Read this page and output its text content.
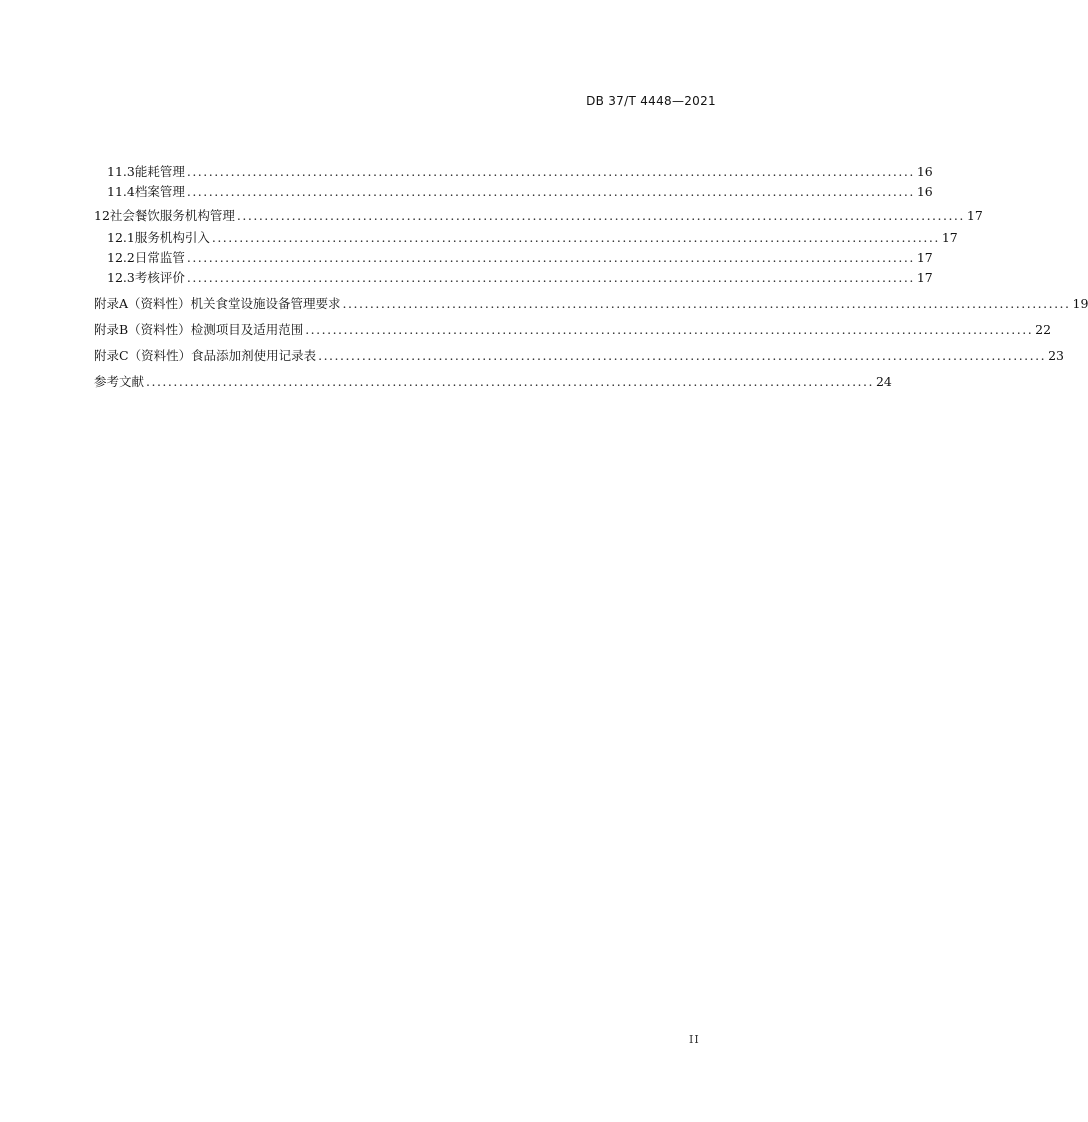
DB 37/T 4448—2021
11.3 能耗管理 ..................................................................................................................................... 16
11.4 档案管理 ..................................................................................................................................... 16
12 社会餐饮服务机构管理 ..................................................................................................................................... 17
12.1 服务机构引入 ..................................................................................................................................... 17
12.2 日常监管 ..................................................................................................................................... 17
12.3 考核评价 ..................................................................................................................................... 17
附录A（资料性） 机关食堂设施设备管理要求 ..................................................................................................................................... 19
附录B（资料性） 检测项目及适用范围 ..................................................................................................................................... 22
附录C（资料性） 食品添加剂使用记录表 ..................................................................................................................................... 23
参考文献 ..................................................................................................................................... 24
II
